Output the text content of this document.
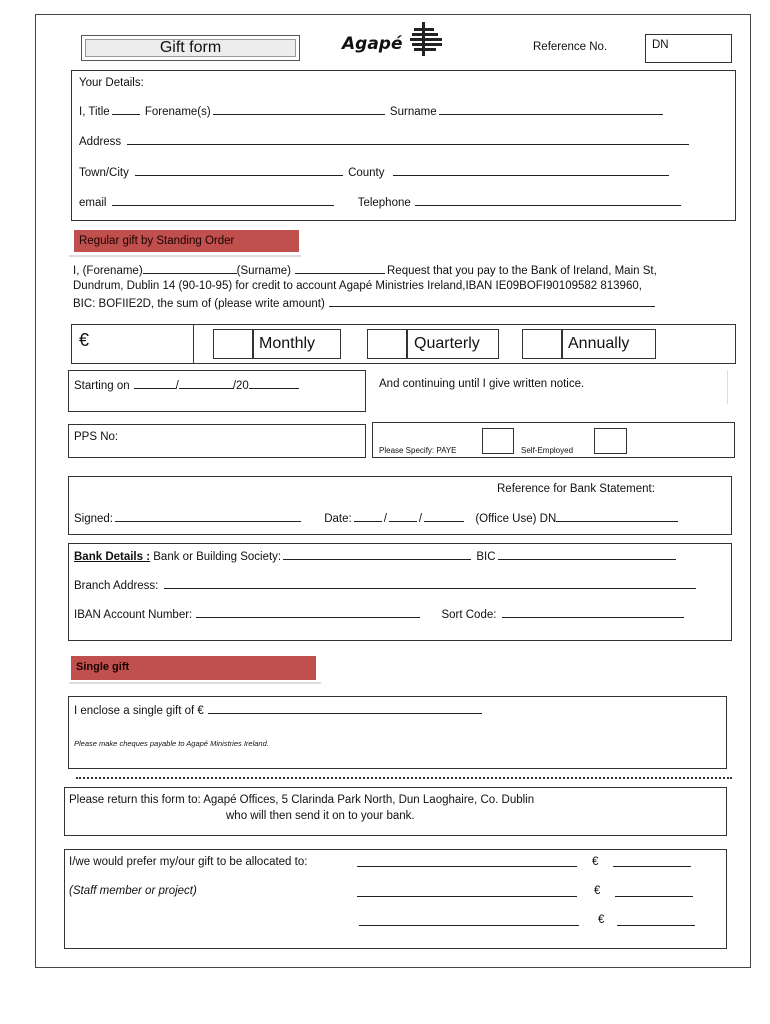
Gift form	Agapé	Reference No.	DN
Your Details:
I, Title	Forename(s)	Surname
Address
Town/City	County
email	Telephone
Regular gift by Standing Order
I, (Forename)	(Surname)	Request that you pay to the Bank of Ireland, Main St,
Dundrum, Dublin 14 (90-10-95) for credit to account Agapé Ministries Ireland,IBAN IE09BOFI90109582 813960,
BIC: BOFIIE2D, the sum of (please write amount)
€	Monthly	Quarterly	Annually
Starting on	/	/20	And continuing until I give written notice.
PPS No:
Please Specify: PAYE	Self-Employed
Reference for Bank Statement:
Signed:	Date:	/	/	(Office Use) DN
Bank Details : Bank or Building Society:	BIC
Branch Address:
IBAN Account Number:	Sort Code:
Single gift
I enclose a single gift of €
Please make cheques payable to Agapé Ministries Ireland.
Please return this form to: Agapé Offices, 5 Clarinda Park North, Dun Laoghaire, Co. Dublin
who will then send it on to your bank.
I/we would prefer my/our gift to be allocated to:
(Staff member or project)
€
€
€
